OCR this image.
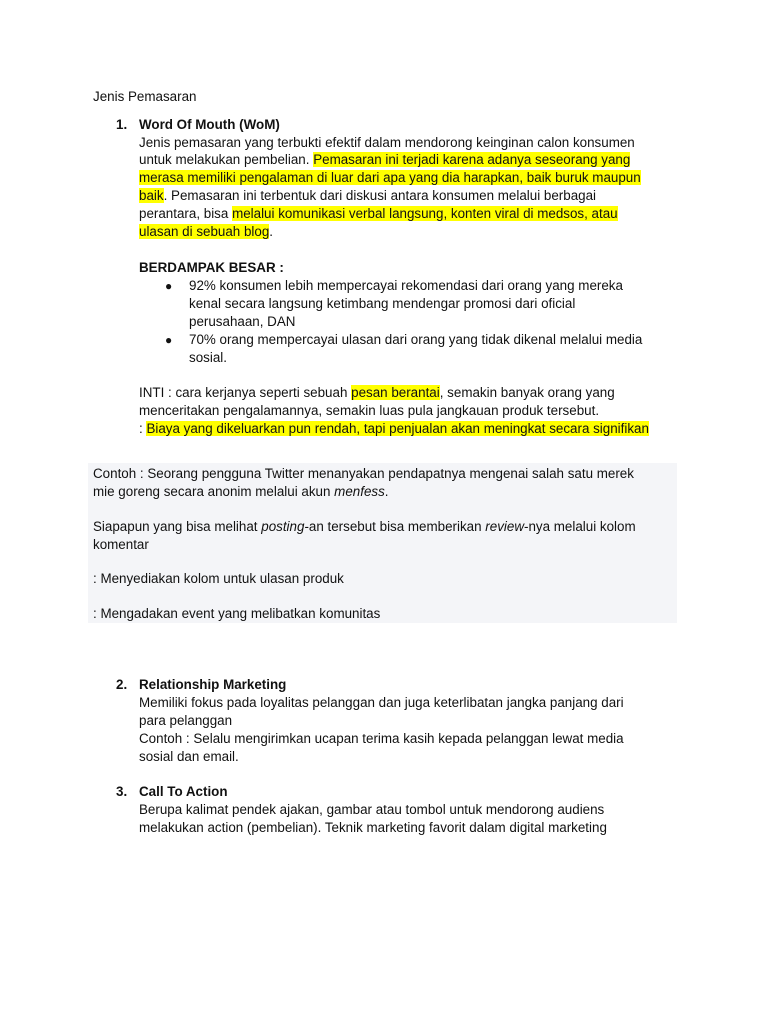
Jenis Pemasaran
1. Word Of Mouth (WoM)
Jenis pemasaran yang terbukti efektif dalam mendorong keinginan calon konsumen
untuk melakukan pembelian. Pemasaran ini terjadi karena adanya seseorang yang
merasa memiliki pengalaman di luar dari apa yang dia harapkan, baik buruk maupun
baik. Pemasaran ini terbentuk dari diskusi antara konsumen melalui berbagai
perantara, bisa melalui komunikasi verbal langsung, konten viral di medsos, atau
ulasan di sebuah blog.
BERDAMPAK BESAR :
● 92% konsumen lebih mempercayai rekomendasi dari orang yang mereka
kenal secara langsung ketimbang mendengar promosi dari oficial
perusahaan, DAN
● 70% orang mempercayai ulasan dari orang yang tidak dikenal melalui media
sosial.
INTI : cara kerjanya seperti sebuah pesan berantai, semakin banyak orang yang
menceritakan pengalamannya, semakin luas pula jangkauan produk tersebut.
: Biaya yang dikeluarkan pun rendah, tapi penjualan akan meningkat secara signifikan
Contoh : Seorang pengguna Twitter menanyakan pendapatnya mengenai salah satu merek
mie goreng secara anonim melalui akun menfess.
Siapapun yang bisa melihat posting-an tersebut bisa memberikan review-nya melalui kolom
komentar
: Menyediakan kolom untuk ulasan produk
: Mengadakan event yang melibatkan komunitas
2. Relationship Marketing
Memiliki fokus pada loyalitas pelanggan dan juga keterlibatan jangka panjang dari
para pelanggan
Contoh : Selalu mengirimkan ucapan terima kasih kepada pelanggan lewat media
sosial dan email.
3. Call To Action
Berupa kalimat pendek ajakan, gambar atau tombol untuk mendorong audiens
melakukan action (pembelian). Teknik marketing favorit dalam digital marketing
